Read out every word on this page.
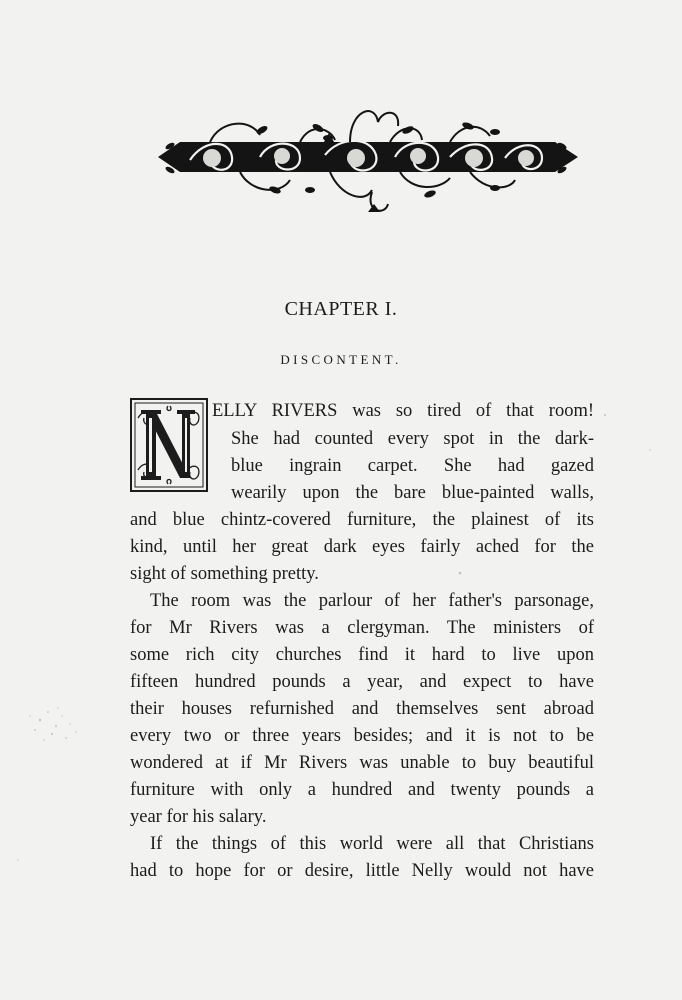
CHAPTER I.
DISCONTENT.
ELLY RIVERS was so tired of that room!
She had counted every spot in the dark-
blue ingrain carpet. She had gazed
wearily upon the bare blue-painted walls,
and blue chintz-covered furniture, the plainest of its
kind, until her great dark eyes fairly ached for the
sight of something pretty.
The room was the parlour of her father's parsonage,
for Mr Rivers was a clergyman. The ministers of
some rich city churches find it hard to live upon
fifteen hundred pounds a year, and expect to have
their houses refurnished and themselves sent abroad
every two or three years besides; and it is not to be
wondered at if Mr Rivers was unable to buy beautiful
furniture with only a hundred and twenty pounds a
year for his salary.
If the things of this world were all that Christians
had to hope for or desire, little Nelly would not have
